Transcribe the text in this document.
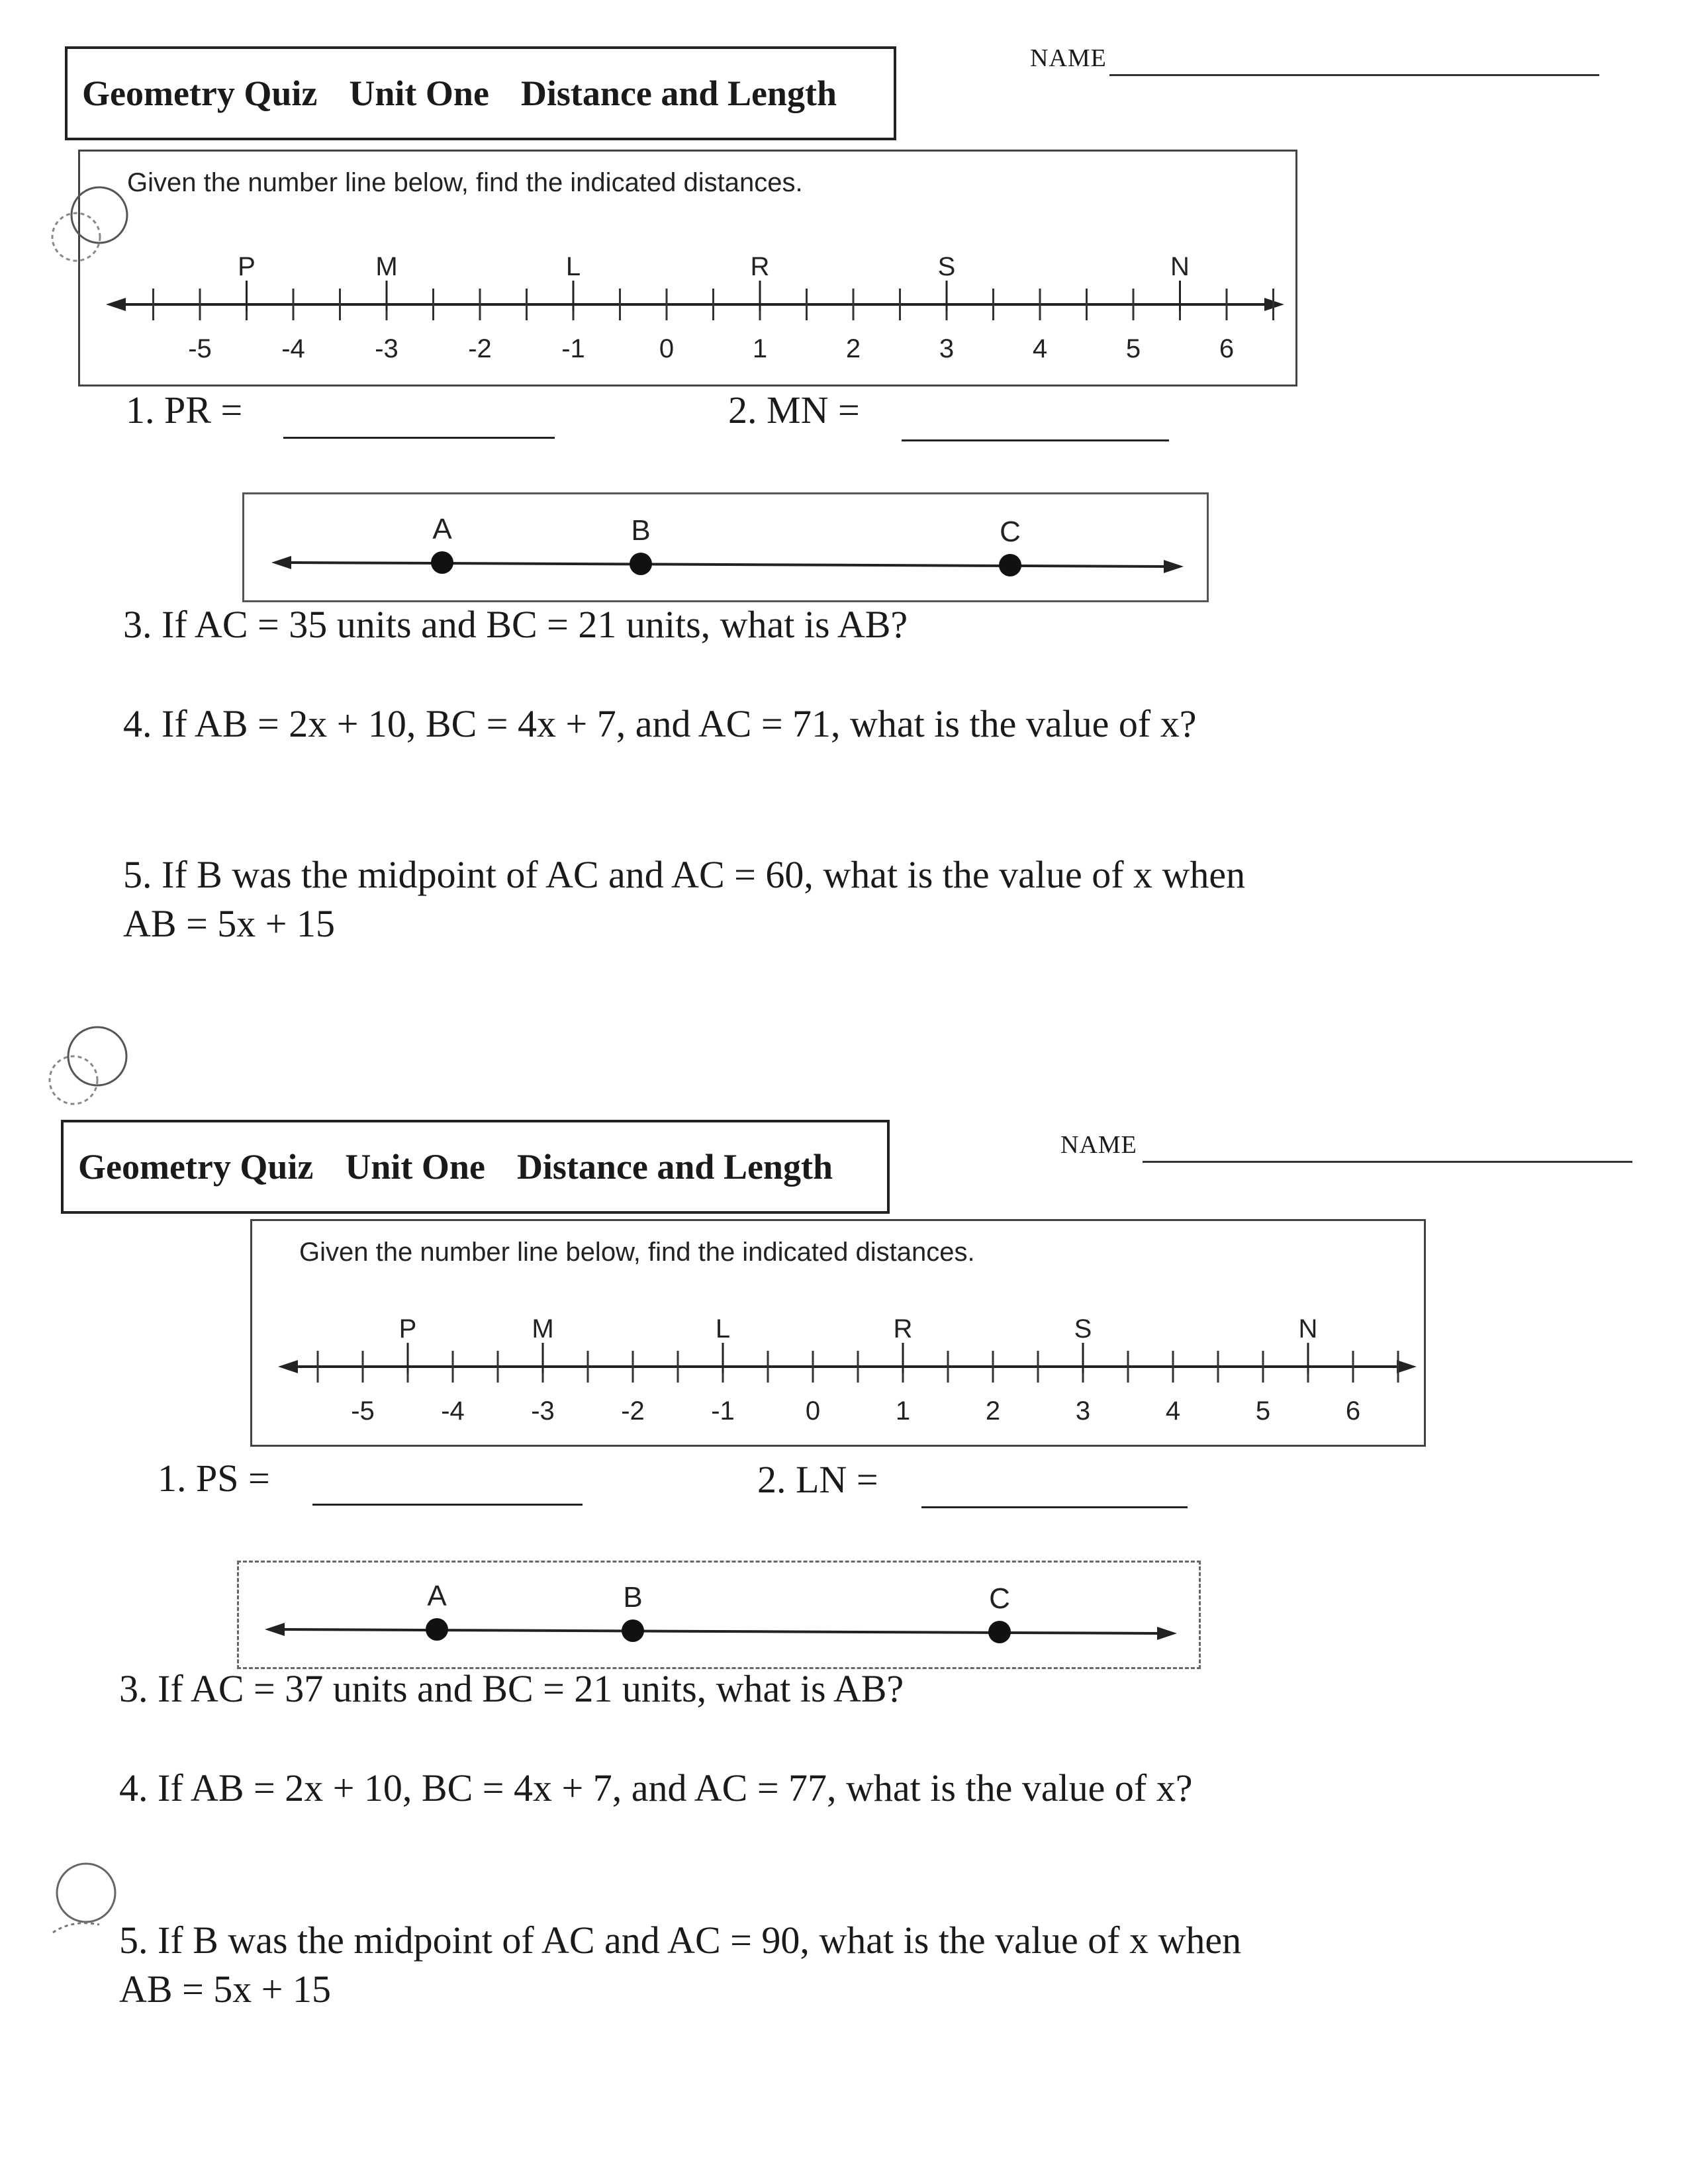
Geometry Quiz Unit One Distance and Length
NAME
Given the number line below, find the indicated distances.
-5	-4	-3	-2	-1	0	1	2	3	4	5	6
P	M	L	R	S	N
1. PR =	2. MN =
A	B	C
3. If AC = 35 units and BC = 21 units, what is AB?
4. If AB = 2x + 10, BC = 4x + 7, and AC = 71, what is the value of x?
5. If B was the midpoint of AC and AC = 60, what is the value of x when
AB = 5x + 15
Geometry Quiz Unit One Distance and Length
NAME
Given the number line below, find the indicated distances.
-5	-4	-3	-2	-1	0	1	2	3	4	5	6
P	M	L	R	S	N
1. PS =	2. LN =
A	B	C
3. If AC = 37 units and BC = 21 units, what is AB?
4. If AB = 2x + 10, BC = 4x + 7, and AC = 77, what is the value of x?
5. If B was the midpoint of AC and AC = 90, what is the value of x when
AB = 5x + 15
